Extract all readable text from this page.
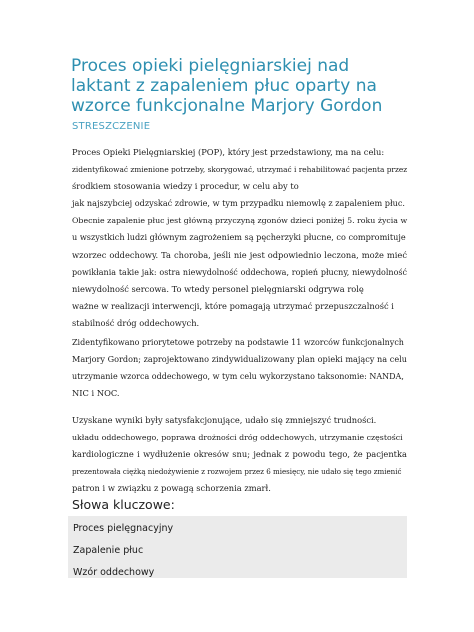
Proces opieki pielęgniarskiej nad
laktant z zapaleniem płuc oparty na
wzorce funkcjonalne Marjory Gordon
STRESZCZENIE
Proces Opieki Pielęgniarskiej (POP), który jest przedstawiony, ma na celu:
zidentyfikować zmienione potrzeby, skorygować, utrzymać i rehabilitować pacjenta przez
środkiem stosowania wiedzy i procedur, w celu aby to
jak najszybciej odzyskać zdrowie, w tym przypadku niemowlę z zapaleniem płuc.
Obecnie zapalenie płuc jest główną przyczyną zgonów dzieci poniżej 5. roku życia w
u wszystkich ludzi głównym zagrożeniem są pęcherzyki płucne, co compromituje
wzorzec oddechowy. Ta choroba, jeśli nie jest odpowiednio leczona, może mieć
powikłania takie jak: ostra niewydolność oddechowa, ropień płucny, niewydolność
niewydolność sercowa. To wtedy personel pielęgniarski odgrywa rolę
ważne w realizacji interwencji, które pomagają utrzymać przepuszczalność i
stabilność dróg oddechowych.
Zidentyfikowano priorytetowe potrzeby na podstawie 11 wzorców funkcjonalnych
Marjory Gordon; zaprojektowano zindywidualizowany plan opieki mający na celu
utrzymanie wzorca oddechowego, w tym celu wykorzystano taksonomie: NANDA,
NIC i NOC.
Uzyskane wyniki były satysfakcjonujące, udało się zmniejszyć trudności.
układu oddechowego, poprawa drożności dróg oddechowych, utrzymanie częstości
kardiologiczne i wydłużenie okresów snu; jednak z powodu tego, że pacjentka
prezentowała ciężką niedożywienie z rozwojem przez 6 miesięcy, nie udało się tego zmienić
patron i w związku z powagą schorzenia zmarł.
Słowa kluczowe:
Proces pielęgnacyjny
Zapalenie płuc
Wzór oddechowy
